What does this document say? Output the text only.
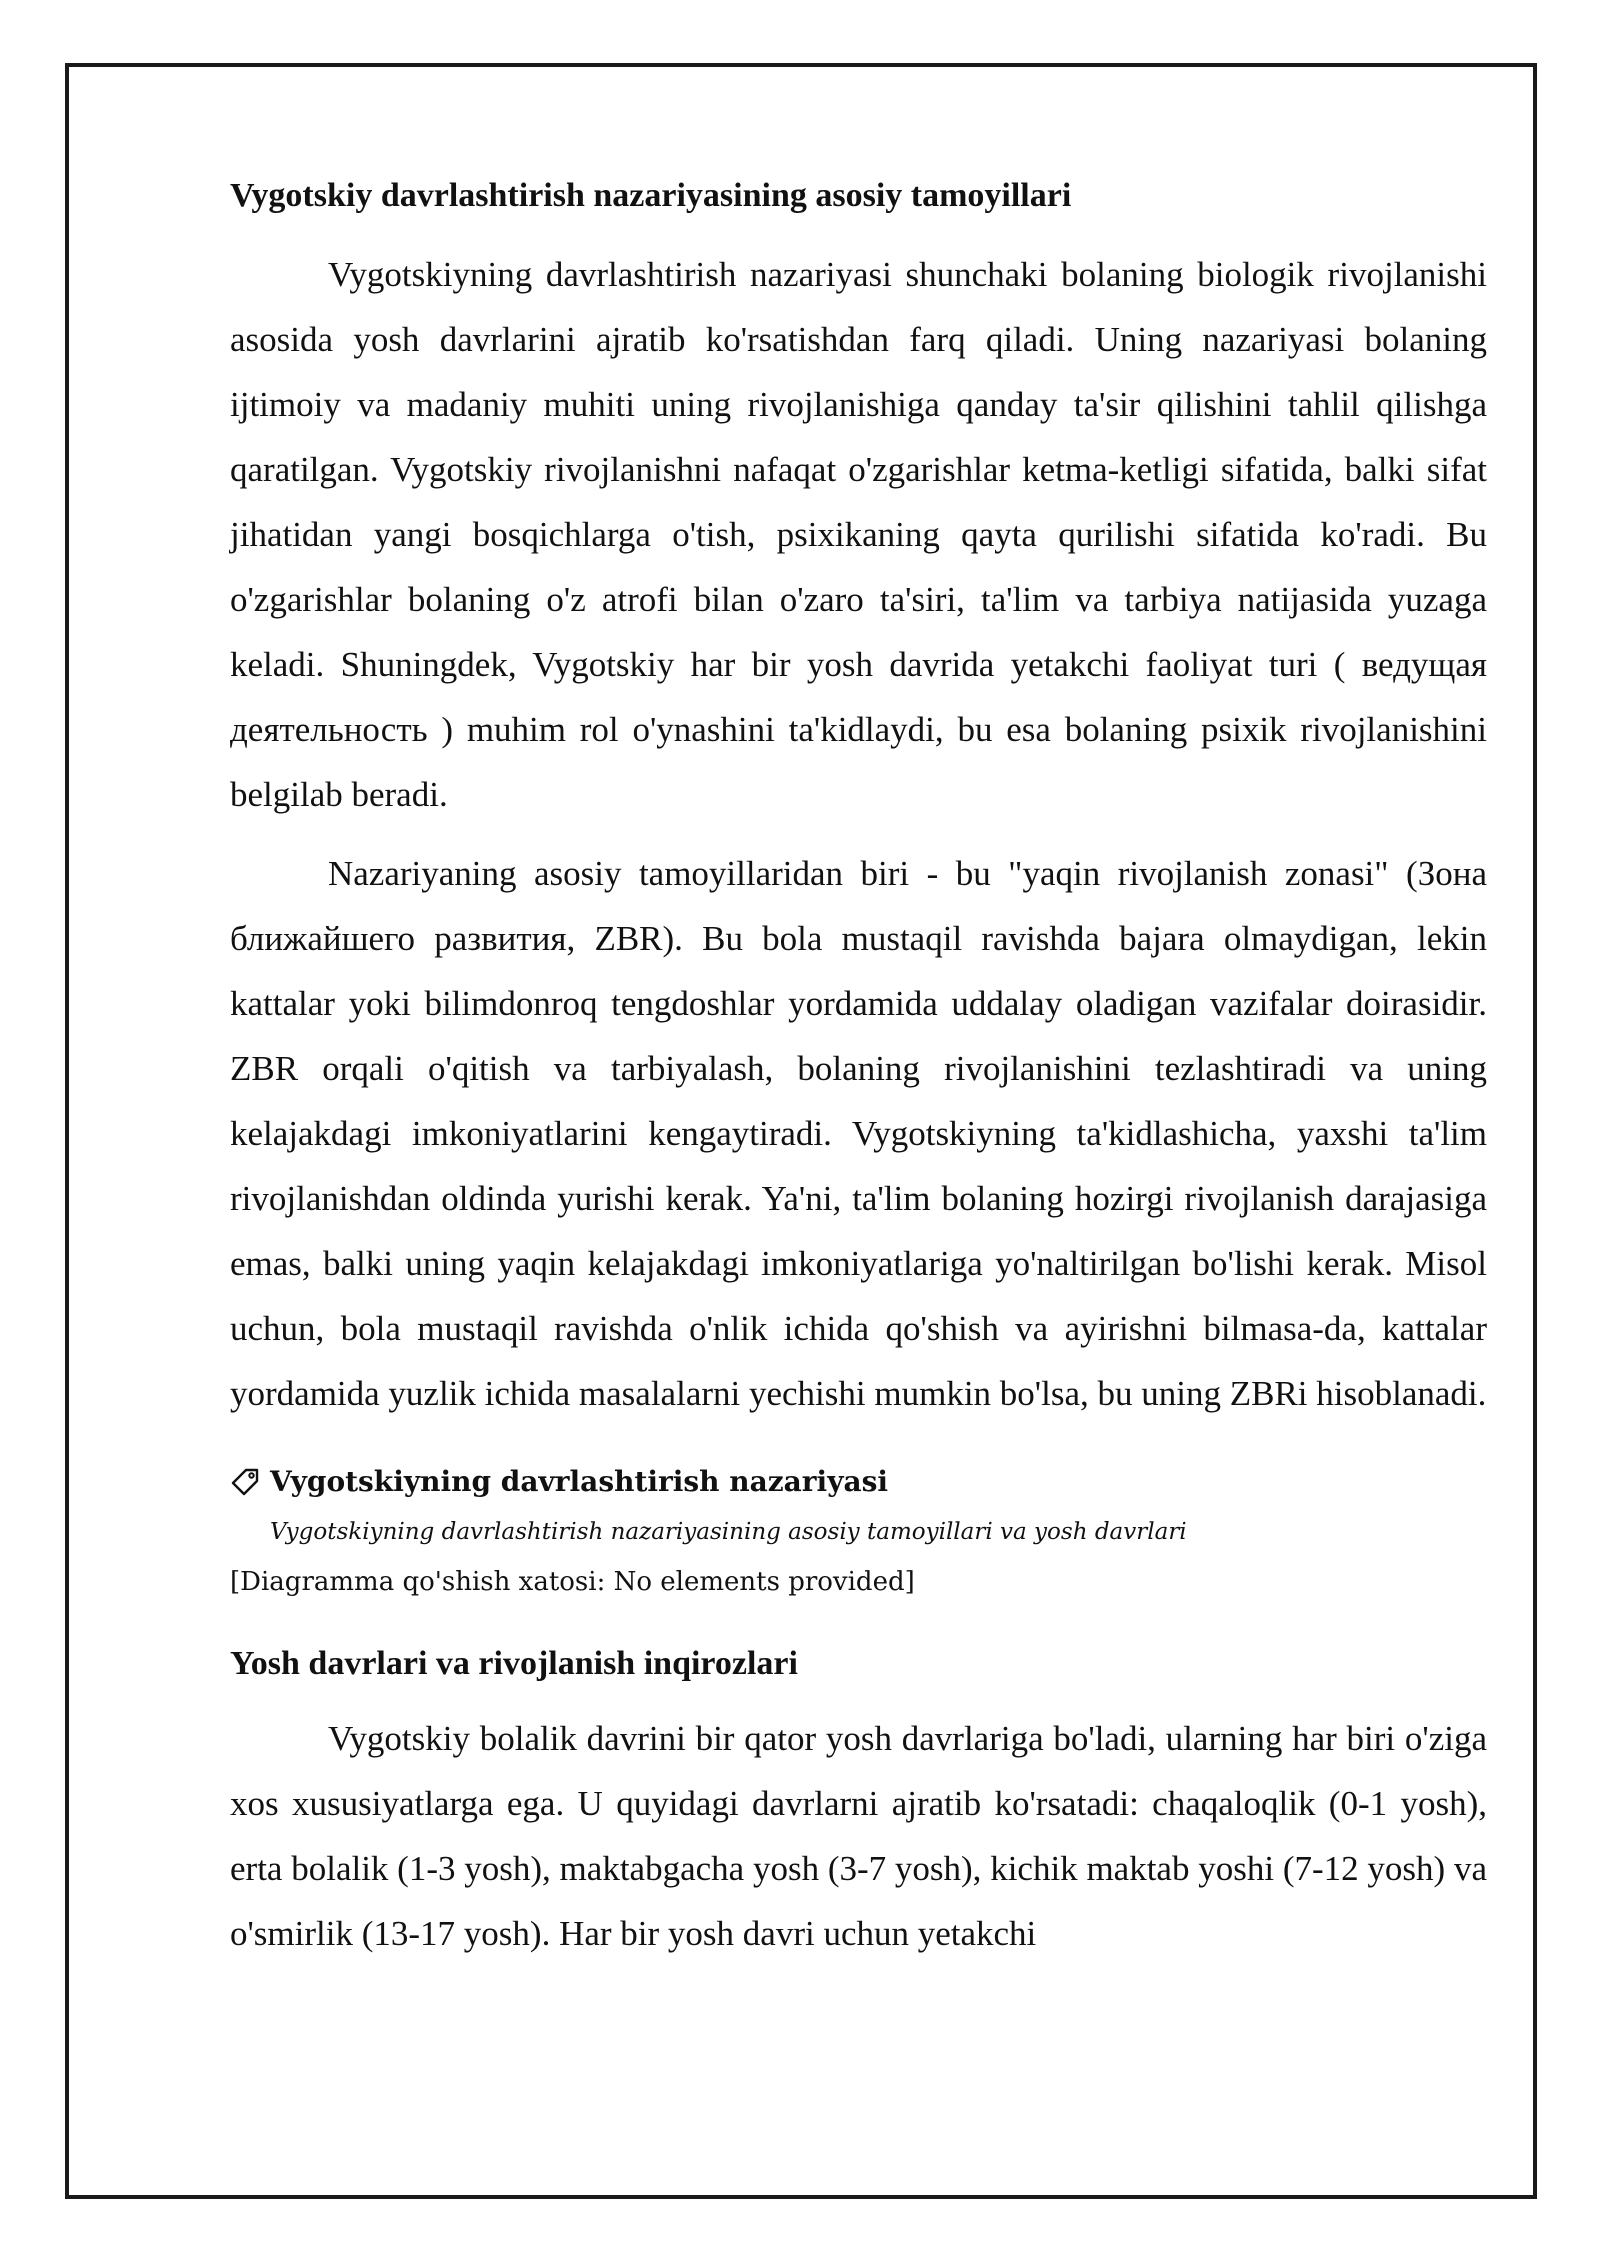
Vygotskiy davrlashtirish nazariyasining asosiy tamoyillari

Vygotskiyning davrlashtirish nazariyasi shunchaki bolaning biologik rivojlanishi asosida yosh davrlarini ajratib ko'rsatishdan farq qiladi. Uning nazariyasi bolaning ijtimoiy va madaniy muhiti uning rivojlanishiga qanday ta'sir qilishini tahlil qilishga qaratilgan. Vygotskiy rivojlanishni nafaqat o'zgarishlar ketma-ketligi sifatida, balki sifat jihatidan yangi bosqichlarga o'tish, psixikaning qayta qurilishi sifatida ko'radi. Bu o'zgarishlar bolaning o'z atrofi bilan o'zaro ta'siri, ta'lim va tarbiya natijasida yuzaga keladi. Shuningdek, Vygotskiy har bir yosh davrida yetakchi faoliyat turi ( ведущая деятельность ) muhim rol o'ynashini ta'kidlaydi, bu esa bolaning psixik rivojlanishini belgilab beradi.

Nazariyaning asosiy tamoyillaridan biri - bu "yaqin rivojlanish zonasi" (Зона ближайшего развития, ZBR). Bu bola mustaqil ravishda bajara olmaydigan, lekin kattalar yoki bilimdonroq tengdoshlar yordamida uddalay oladigan vazifalar doirasidir. ZBR orqali o'qitish va tarbiyalash, bolaning rivojlanishini tezlashtiradi va uning kelajakdagi imkoniyatlarini kengaytiradi. Vygotskiyning ta'kidlashicha, yaxshi ta'lim rivojlanishdan oldinda yurishi kerak. Ya'ni, ta'lim bolaning hozirgi rivojlanish darajasiga emas, balki uning yaqin kelajakdagi imkoniyatlariga yo'naltirilgan bo'lishi kerak. Misol uchun, bola mustaqil ravishda o'nlik ichida qo'shish va ayirishni bilmasa-da, kattalar yordamida yuzlik ichida masalalarni yechishi mumkin bo'lsa, bu uning ZBRi hisoblanadi.

Vygotskiyning davrlashtirish nazariyasi
Vygotskiyning davrlashtirish nazariyasining asosiy tamoyillari va yosh davrlari
[Diagramma qo'shish xatosi: No elements provided]
Yosh davrlari va rivojlanish inqirozlari

Vygotskiy bolalik davrini bir qator yosh davrlariga bo'ladi, ularning har biri o'ziga xos xususiyatlarga ega. U quyidagi davrlarni ajratib ko'rsatadi: chaqaloqlik (0-1 yosh), erta bolalik (1-3 yosh), maktabgacha yosh (3-7 yosh), kichik maktab yoshi (7-12 yosh) va o'smirlik (13-17 yosh). Har bir yosh davri uchun yetakchi
